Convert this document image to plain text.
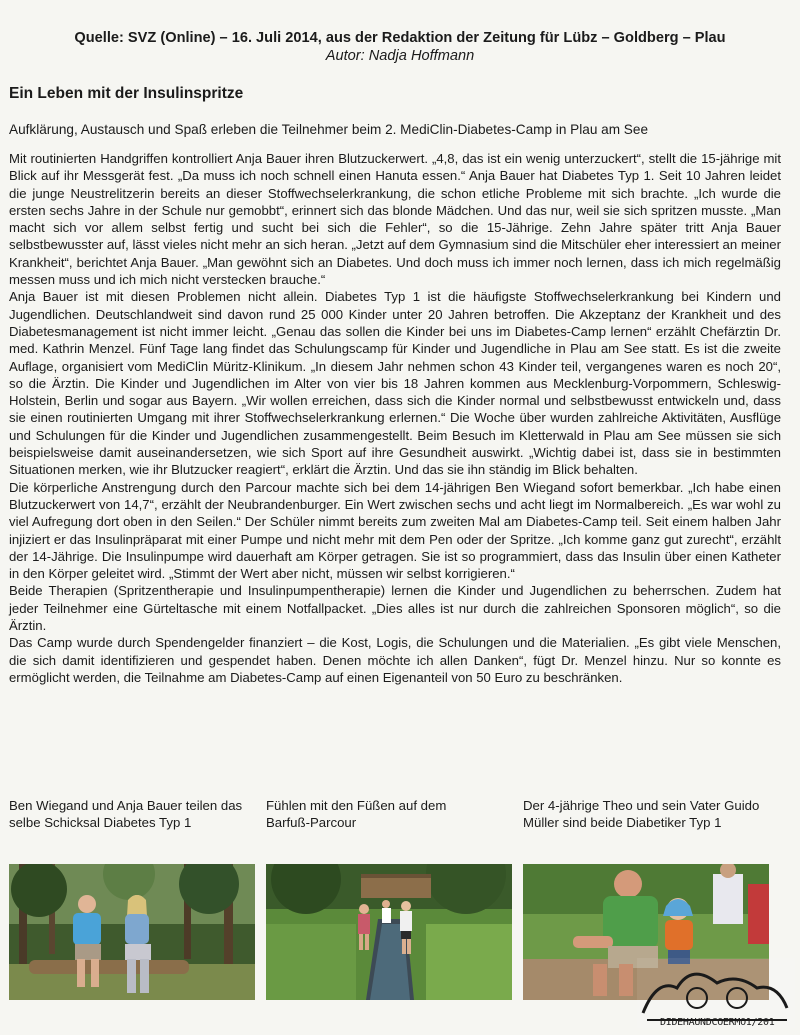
Quelle: SVZ (Online) – 16. Juli 2014, aus der Redaktion der Zeitung für Lübz – Goldberg – Plau
Autor: Nadja Hoffmann
Ein Leben mit der Insulinspritze
Aufklärung, Austausch und Spaß erleben die Teilnehmer beim 2. MediClin-Diabetes-Camp in Plau am See

Mit routinierten Handgriffen kontrolliert Anja Bauer ihren Blutzuckerwert. „4,8, das ist ein wenig unterzuckert“, stellt die 15-jährige mit Blick auf ihr Messgerät fest. „Da muss ich noch schnell einen Hanuta essen.“ Anja Bauer hat Diabetes Typ 1. Seit 10 Jahren leidet die junge Neustrelitzerin bereits an dieser Stoffwechselerkrankung, die schon etliche Probleme mit sich brachte. „Ich wurde die ersten sechs Jahre in der Schule nur gemobbt“, erinnert sich das blonde Mädchen. Und das nur, weil sie sich spritzen musste. „Man macht sich vor allem selbst fertig und sucht bei sich die Fehler“, so die 15-Jährige. Zehn Jahre später tritt Anja Bauer selbstbewusster auf, lässt vieles nicht mehr an sich heran. „Jetzt auf dem Gymnasium sind die Mitschüler eher interessiert an meiner Krankheit“, berichtet Anja Bauer. „Man gewöhnt sich an Diabetes. Und doch muss ich immer noch lernen, dass ich mich regelmäßig messen muss und ich mich nicht verstecken brauche.“

Anja Bauer ist mit diesen Problemen nicht allein. Diabetes Typ 1 ist die häufigste Stoffwechselerkrankung bei Kindern und Jugendlichen. Deutschlandweit sind davon rund 25 000 Kinder unter 20 Jahren betroffen. Die Akzeptanz der Krankheit und des Diabetesmanagement ist nicht immer leicht. „Genau das sollen die Kinder bei uns im Diabetes-Camp lernen“ erzählt Chefärztin Dr. med. Kathrin Menzel. Fünf Tage lang findet das Schulungscamp für Kinder und Jugendliche in Plau am See statt. Es ist die zweite Auflage, organisiert vom MediClin Müritz-Klinikum. „In diesem Jahr nehmen schon 43 Kinder teil, vergangenes waren es noch 20“, so die Ärztin. Die Kinder und Jugendlichen im Alter von vier bis 18 Jahren kommen aus Mecklenburg-Vorpommern, Schleswig-Holstein, Berlin und sogar aus Bayern. „Wir wollen erreichen, dass sich die Kinder normal und selbstbewusst entwickeln und, dass sie einen routinierten Umgang mit ihrer Stoffwechselerkrankung erlernen.“ Die Woche über wurden zahlreiche Aktivitäten, Ausflüge und Schulungen für die Kinder und Jugendlichen zusammengestellt. Beim Besuch im Kletterwald in Plau am See müssen sie sich beispielsweise damit auseinandersetzen, wie sich Sport auf ihre Gesundheit auswirkt. „Wichtig dabei ist, dass sie in bestimmten Situationen merken, wie ihr Blutzucker reagiert“, erklärt die Ärztin. Und das sie ihn ständig im Blick behalten.

Die körperliche Anstrengung durch den Parcour machte sich bei dem 14-jährigen Ben Wiegand sofort bemerkbar. „Ich habe einen Blutzuckerwert von 14,7“, erzählt der Neubrandenburger. Ein Wert zwischen sechs und acht liegt im Normalbereich. „Es war wohl zu viel Aufregung dort oben in den Seilen.“ Der Schüler nimmt bereits zum zweiten Mal am Diabetes-Camp teil. Seit einem halben Jahr injiziert er das Insulinpräparat mit einer Pumpe und nicht mehr mit dem Pen oder der Spritze. „Ich komme ganz gut zurecht“, erzählt der 14-Jährige. Die Insulinpumpe wird dauerhaft am Körper getragen. Sie ist so programmiert, dass das Insulin über einen Katheter in den Körper geleitet wird. „Stimmt der Wert aber nicht, müssen wir selbst korrigieren.“

Beide Therapien (Spritzentherapie und Insulinpumpentherapie) lernen die Kinder und Jugendlichen zu beherrschen. Zudem hat jeder Teilnehmer eine Gürteltasche mit einem Notfallpacket. „Dies alles ist nur durch die zahlreichen Sponsoren möglich“, so die Ärztin.

Das Camp wurde durch Spendengelder finanziert – die Kost, Logis, die Schulungen und die Materialien. „Es gibt viele Menschen, die sich damit identifizieren und gespendet haben. Denen möchte ich allen Danken“, fügt Dr. Menzel hinzu. Nur so konnte es ermöglicht werden, die Teilnahme am Diabetes-Camp auf einen Eigenanteil von 50 Euro zu beschränken.

Ben Wiegand und Anja Bauer teilen das selbe Schicksal Diabetes Typ 1
Fühlen mit den Füßen auf dem Barfuß-Parcour
Der 4-jährige Theo und sein Vater Guido Müller sind beide Diabetiker Typ 1
DIDEHAUNDCOERMO1/201
